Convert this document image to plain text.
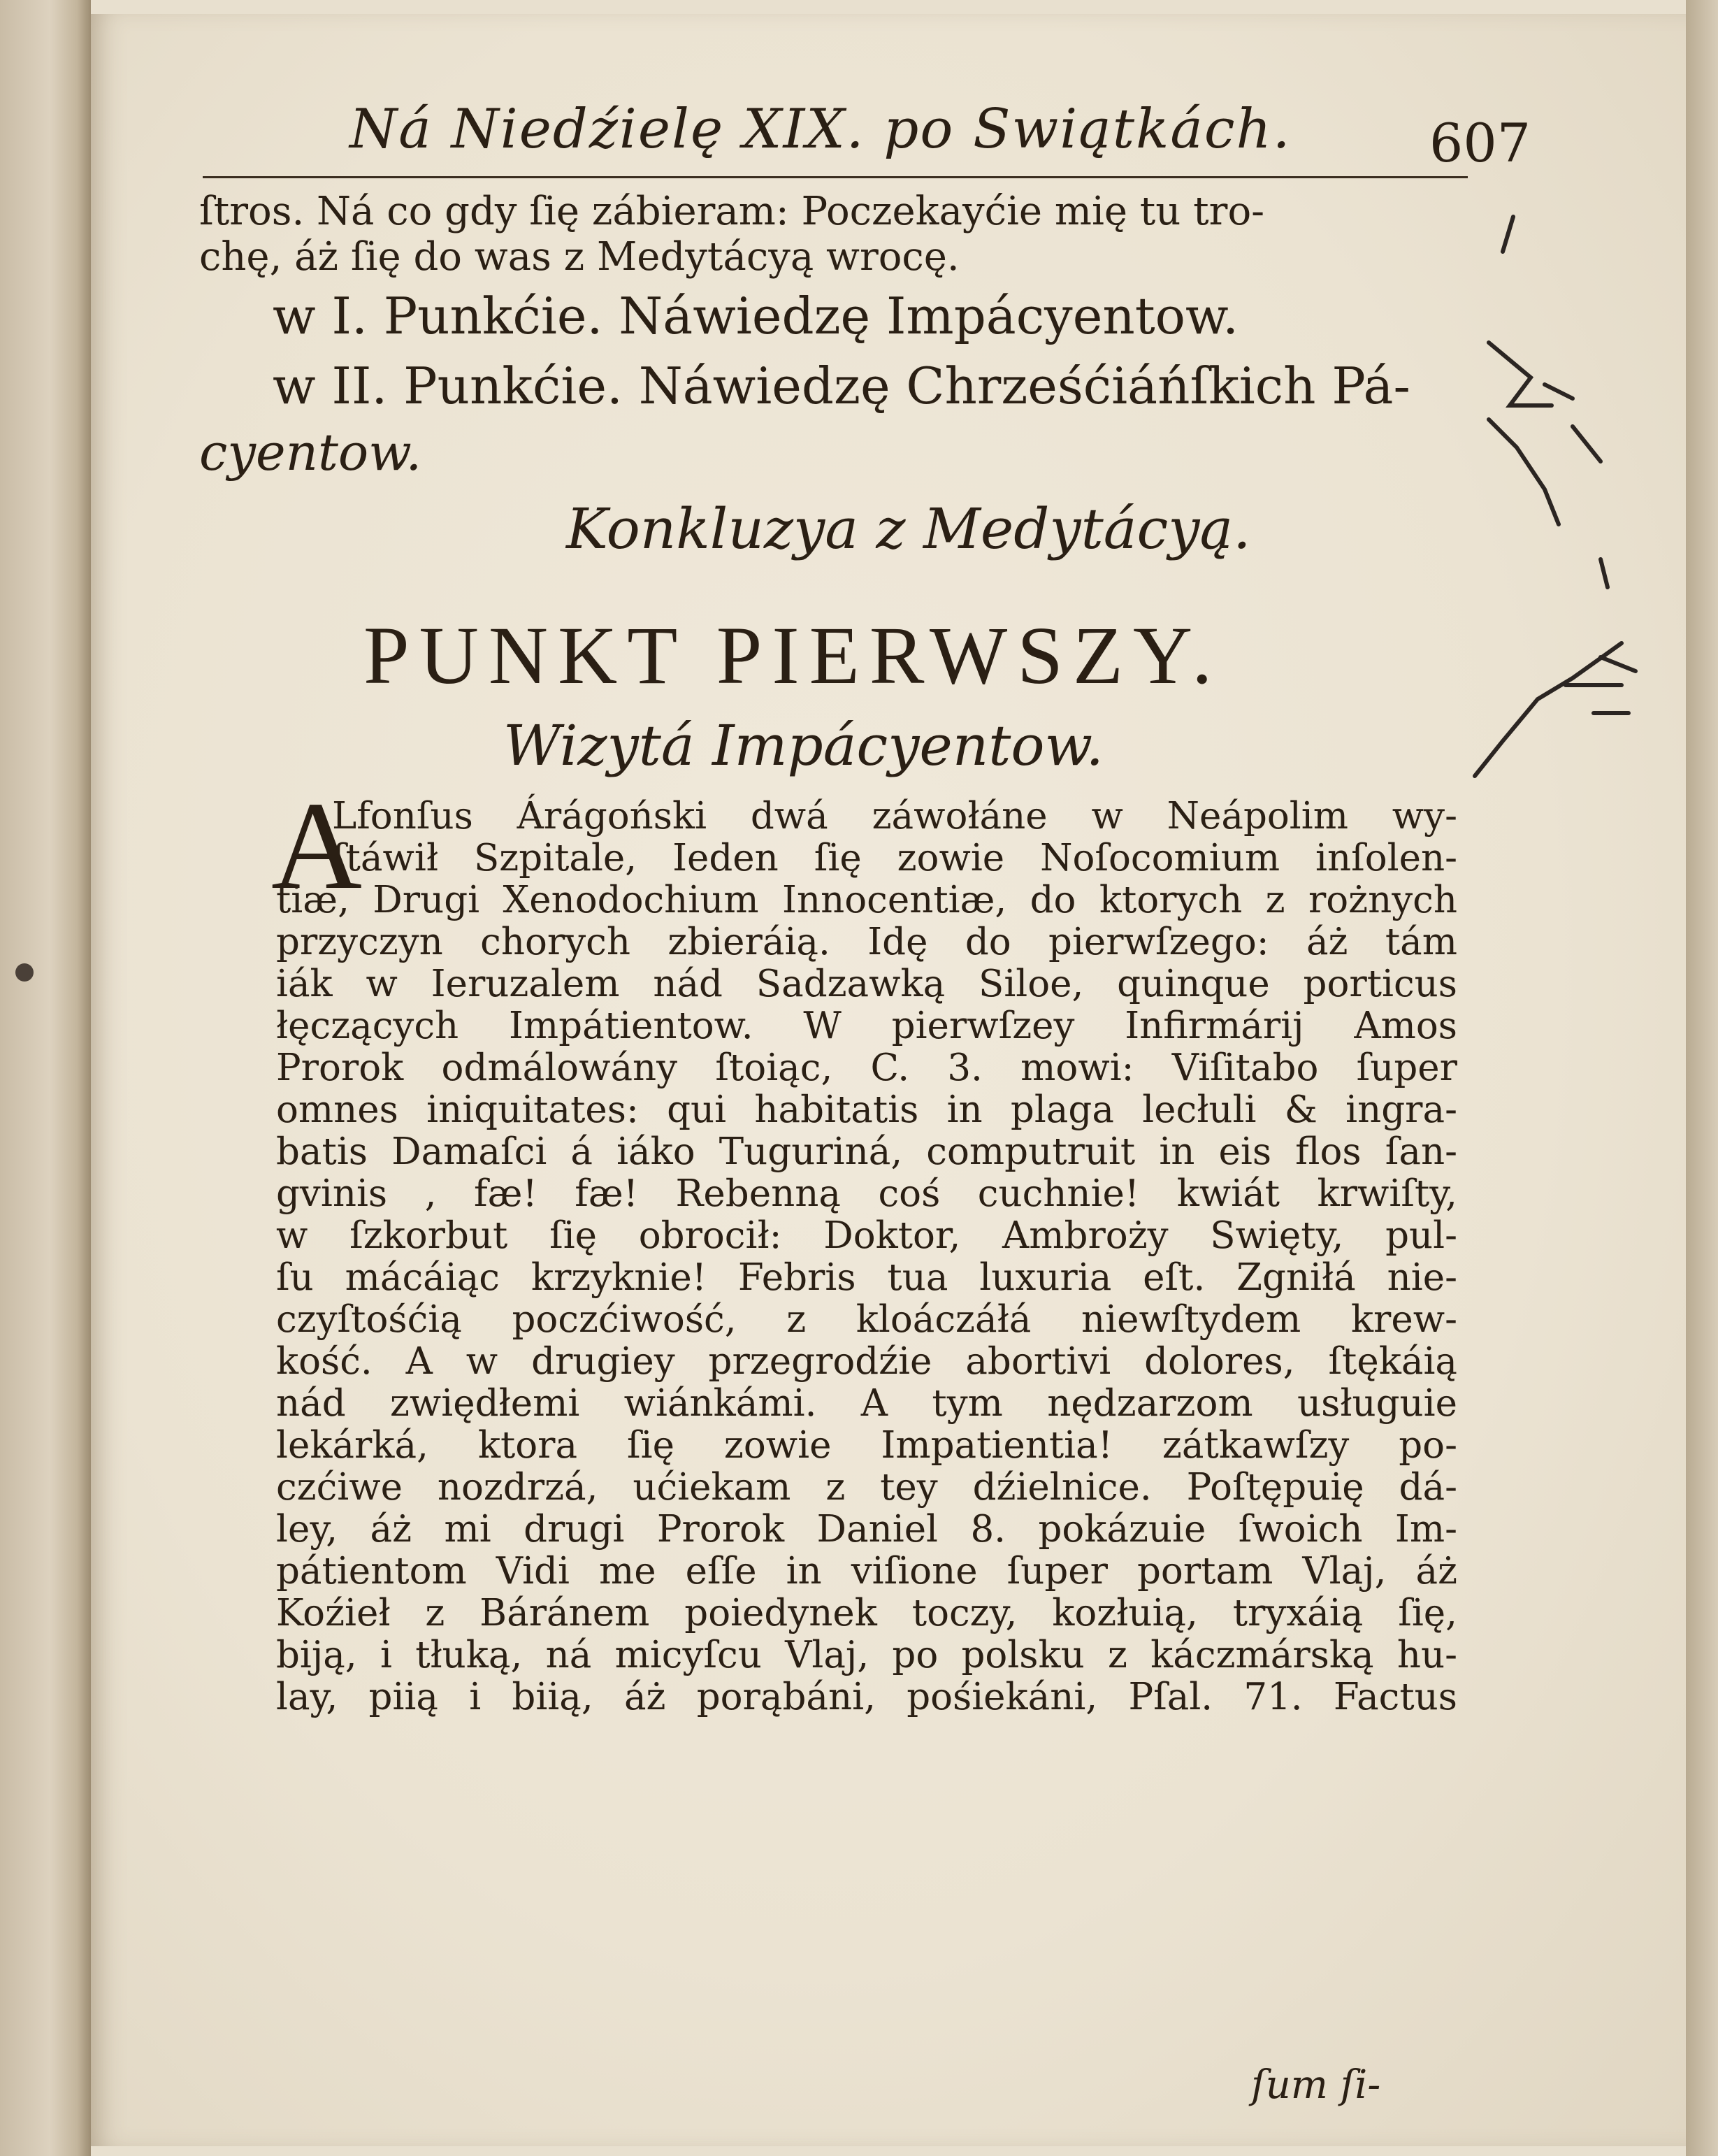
Ná Niedźielę XIX. po Swiątkách.	607
ſtros. Ná co gdy ſię zábieram: Poczekayćie mię tu tro-
chę, áż ſię do was z Medytácyą wrocę.
w I. Punkćie. Náwiedzę Impácyentow.
w II. Punkćie. Náwiedzę Chrześćiáńſkich Pá-
cyentow.
Konkluzya z Medytácyą.
PUNKT PIERWSZY.
Wizytá Impácyentow.
A
Lfonſus Árágoński dwá záwołáne w Neápolim wy-
ſtáwił Szpitale, Ieden ſię zowie Noſocomium inſolen-
tiæ, Drugi Xenodochium Innocentiæ, do ktorych z rożnych
przyczyn chorych zbieráią. Idę do pierwſzego: áż tám
iák w Ieruzalem nád Sadzawką Siloe, quinque porticus
łęczących Impátientow. W pierwſzey Infirmárij Amos
Prorok odmálowány ſtoiąc, C. 3. mowi: Viſitabo ſuper
omnes iniquitates: qui habitatis in plaga lecłuli & ingra-
batis Damaſci á iáko Tuguriná, computruit in eis flos ſan-
gvinis , fæ! fæ! Rebenną coś cuchnie! kwiát krwiſty,
w ſzkorbut ſię obrocił: Doktor, Ambroży Swięty, pul-
ſu mácáiąc krzyknie! Febris tua luxuria eſt. Zgniłá nie-
czyſtośćią poczćiwość, z kloáczáłá niewſtydem krew-
kość. A w drugiey przegrodźie abortivi dolores, ſtękáią
nád zwiędłemi wiánkámi. A tym nędzarzom usługuie
lekárká, ktora ſię zowie Impatientia! zátkawſzy po-
czćiwe nozdrzá, ućiekam z tey dźielnice. Poſtępuię dá-
ley, áż mi drugi Prorok Daniel 8. pokázuie ſwoich Im-
pátientom Vidi me eſſe in viſione ſuper portam Vlaj, áż
Koźieł z Báránem poiedynek toczy, kozłuią, tryxáią ſię,
biją, i tłuką, ná micyſcu Vlaj, po polsku z káczmárską hu-
lay, piią i biią, áż porąbáni, pośiekáni, Pſal. 71. Factus
ſum ſi-
